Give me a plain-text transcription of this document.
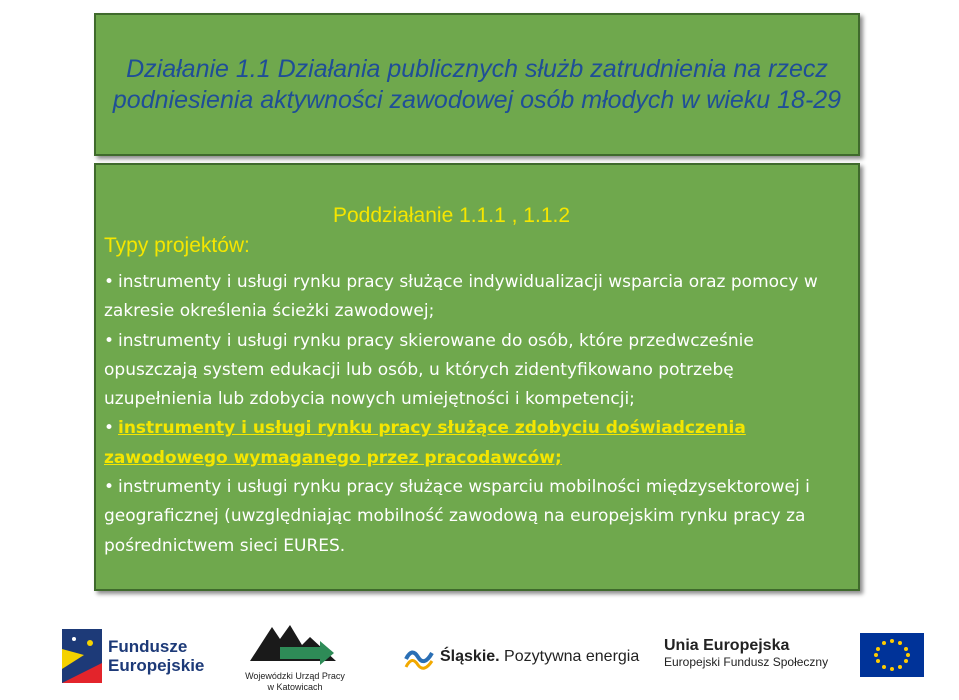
Działanie 1.1 Działania publicznych służb zatrudnienia na rzecz podniesienia aktywności zawodowej osób młodych w wieku 18-29

Poddziałanie 1.1.1 , 1.1.2

Typy projektów:

• instrumenty i usługi rynku pracy służące indywidualizacji wsparcia oraz pomocy w zakresie określenia ścieżki zawodowej;
• instrumenty i usługi rynku pracy skierowane do osób, które przedwcześnie opuszczają system edukacji lub osób, u których zidentyfikowano potrzebę uzupełnienia lub zdobycia nowych umiejętności i kompetencji;
• instrumenty i usługi rynku pracy służące zdobyciu doświadczenia zawodowego wymaganego przez pracodawców;
• instrumenty i usługi rynku pracy służące wsparciu mobilności międzysektorowej i geograficznej (uwzględniając mobilność zawodową na europejskim rynku pracy za pośrednictwem sieci EURES.
Fundusze
Europejskie
Wojewódzki Urząd Pracy
w Katowicach
Śląskie. Pozytywna energia
Unia Europejska
Europejski Fundusz Społeczny
